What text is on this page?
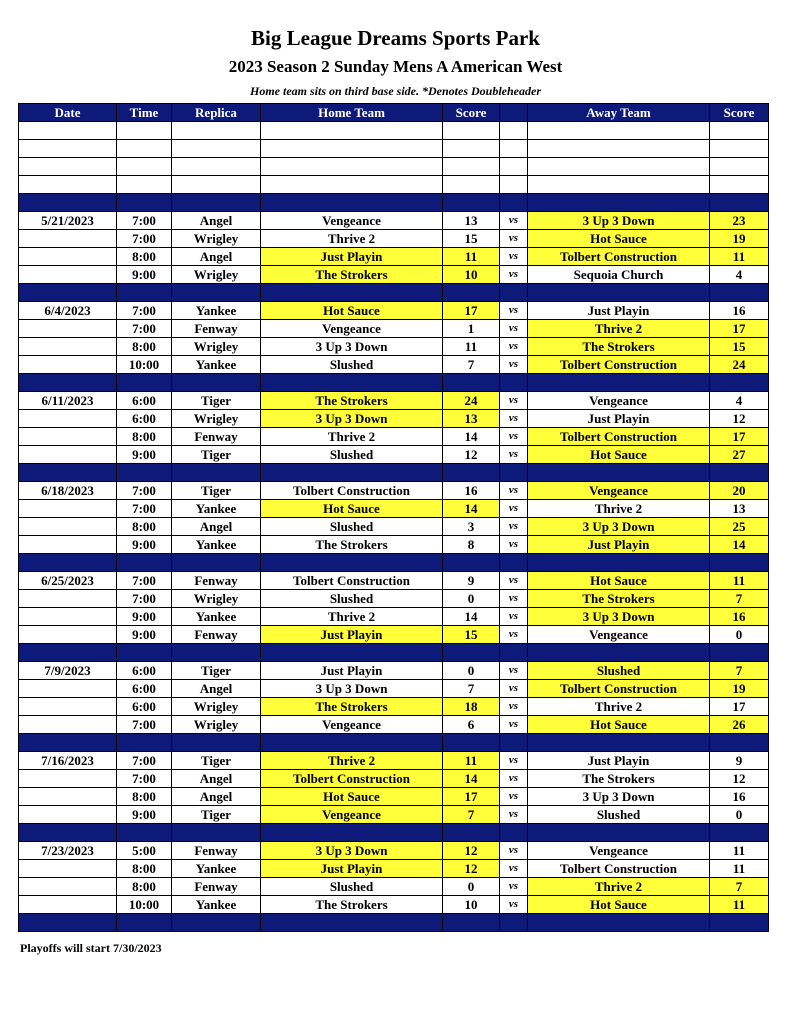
Big League Dreams Sports Park
2023 Season 2 Sunday Mens A American West
Home team sits on third base side. *Denotes Doubleheader
Date	Time	Replica	Home Team	Score		Away Team	Score

5/21/2023	7:00	Angel	Vengeance	13	vs	3 Up 3 Down	23
	7:00	Wrigley	Thrive 2	15	vs	Hot Sauce	19
	8:00	Angel	Just Playin	11	vs	Tolbert Construction	11
	9:00	Wrigley	The Strokers	10	vs	Sequoia Church	4

6/4/2023	7:00	Yankee	Hot Sauce	17	vs	Just Playin	16
	7:00	Fenway	Vengeance	1	vs	Thrive 2	17
	8:00	Wrigley	3 Up 3 Down	11	vs	The Strokers	15
	10:00	Yankee	Slushed	7	vs	Tolbert Construction	24

6/11/2023	6:00	Tiger	The Strokers	24	vs	Vengeance	4
	6:00	Wrigley	3 Up 3 Down	13	vs	Just Playin	12
	8:00	Fenway	Thrive 2	14	vs	Tolbert Construction	17
	9:00	Tiger	Slushed	12	vs	Hot Sauce	27

6/18/2023	7:00	Tiger	Tolbert Construction	16	vs	Vengeance	20
	7:00	Yankee	Hot Sauce	14	vs	Thrive 2	13
	8:00	Angel	Slushed	3	vs	3 Up 3 Down	25
	9:00	Yankee	The Strokers	8	vs	Just Playin	14

6/25/2023	7:00	Fenway	Tolbert Construction	9	vs	Hot Sauce	11
	7:00	Wrigley	Slushed	0	vs	The Strokers	7
	9:00	Yankee	Thrive 2	14	vs	3 Up 3 Down	16
	9:00	Fenway	Just Playin	15	vs	Vengeance	0

7/9/2023	6:00	Tiger	Just Playin	0	vs	Slushed	7
	6:00	Angel	3 Up 3 Down	7	vs	Tolbert Construction	19
	6:00	Wrigley	The Strokers	18	vs	Thrive 2	17
	7:00	Wrigley	Vengeance	6	vs	Hot Sauce	26

7/16/2023	7:00	Tiger	Thrive 2	11	vs	Just Playin	9
	7:00	Angel	Tolbert Construction	14	vs	The Strokers	12
	8:00	Angel	Hot Sauce	17	vs	3 Up 3 Down	16
	9:00	Tiger	Vengeance	7	vs	Slushed	0

7/23/2023	5:00	Fenway	3 Up 3 Down	12	vs	Vengeance	11
	8:00	Yankee	Just Playin	12	vs	Tolbert Construction	11
	8:00	Fenway	Slushed	0	vs	Thrive 2	7
	10:00	Yankee	The Strokers	10	vs	Hot Sauce	11

Playoffs will start 7/30/2023
